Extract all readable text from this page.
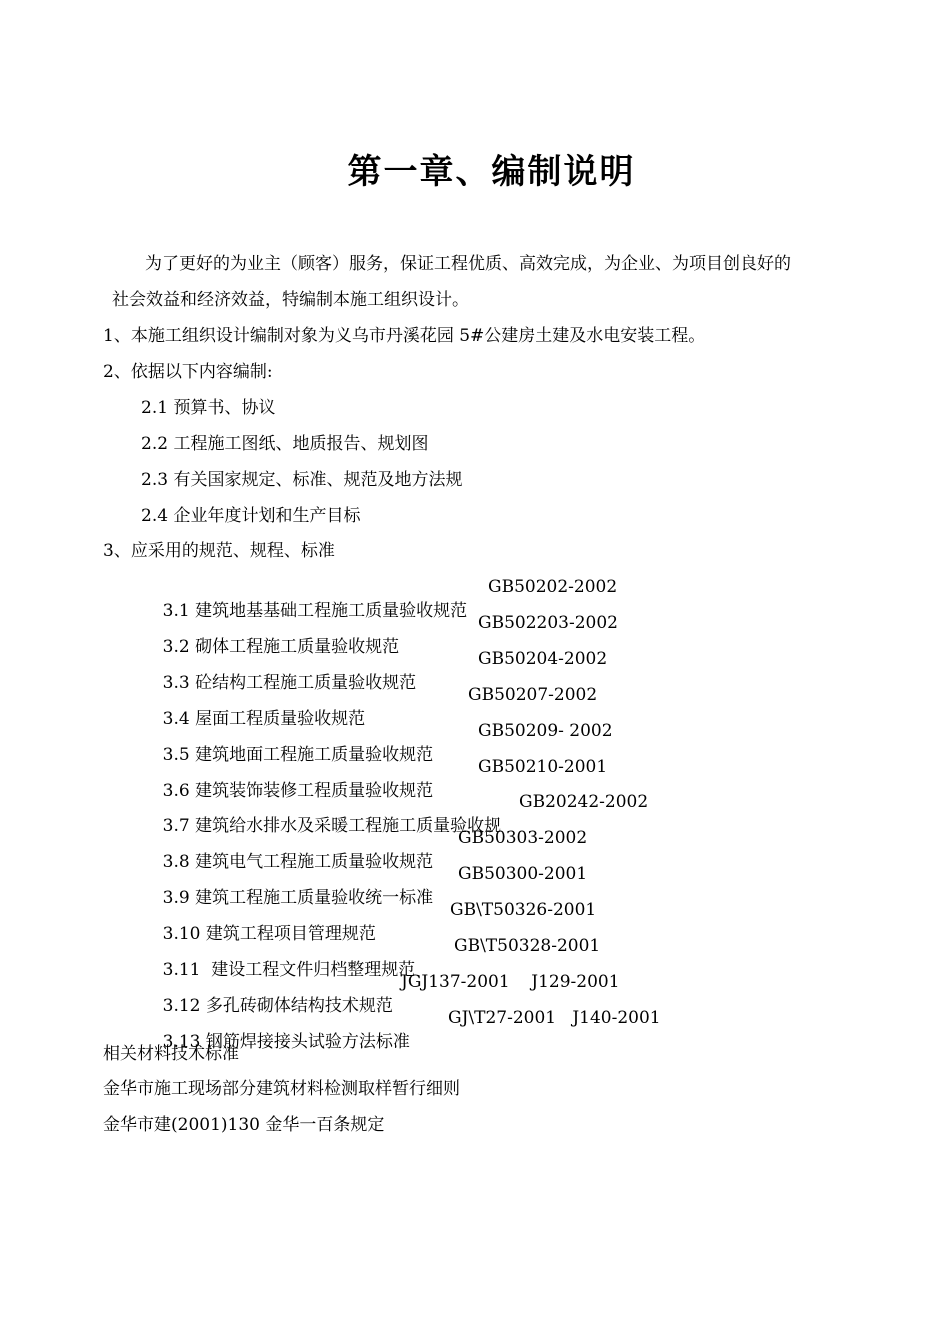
第一章、编制说明
为了更好的为业主（顾客）服务，保证工程优质、高效完成，为企业、为项目创良好的
社会效益和经济效益，特编制本施工组织设计。
1、本施工组织设计编制对象为义乌市丹溪花园 5#公建房土建及水电安装工程。
2、依据以下内容编制:
2.1 预算书、协议
2.2 工程施工图纸、地质报告、规划图
2.3 有关国家规定、标准、规范及地方法规
2.4 企业年度计划和生产目标
3、应采用的规范、规程、标准

3.1 建筑地基基础工程施工质量验收规范

GB50202-2002

3.2 砌体工程施工质量验收规范

GB502203-2002

3.3 砼结构工程施工质量验收规范

GB50204-2002

3.4 屋面工程质量验收规范

GB50207-2002

3.5 建筑地面工程施工质量验收规范

GB50209- 2002

3.6 建筑装饰装修工程质量验收规范

GB50210-2001

3.7 建筑给水排水及采暖工程施工质量验收规

GB20242-2002

3.8 建筑电气工程施工质量验收规范

GB50303-2002

3.9 建筑工程施工质量验收统一标准

GB50300-2001

3.10 建筑工程项目管理规范

GB\T50326-2001

3.11  建设工程文件归档整理规范

GB\T50328-2001

3.12 多孔砖砌体结构技术规范

JGJ137-2001    J129-2001

3.13 钢筋焊接接头试验方法标准

GJ\T27-2001   J140-2001

相关材料技术标准
金华市施工现场部分建筑材料检测取样暂行细则
金华市建(2001)130 金华一百条规定
